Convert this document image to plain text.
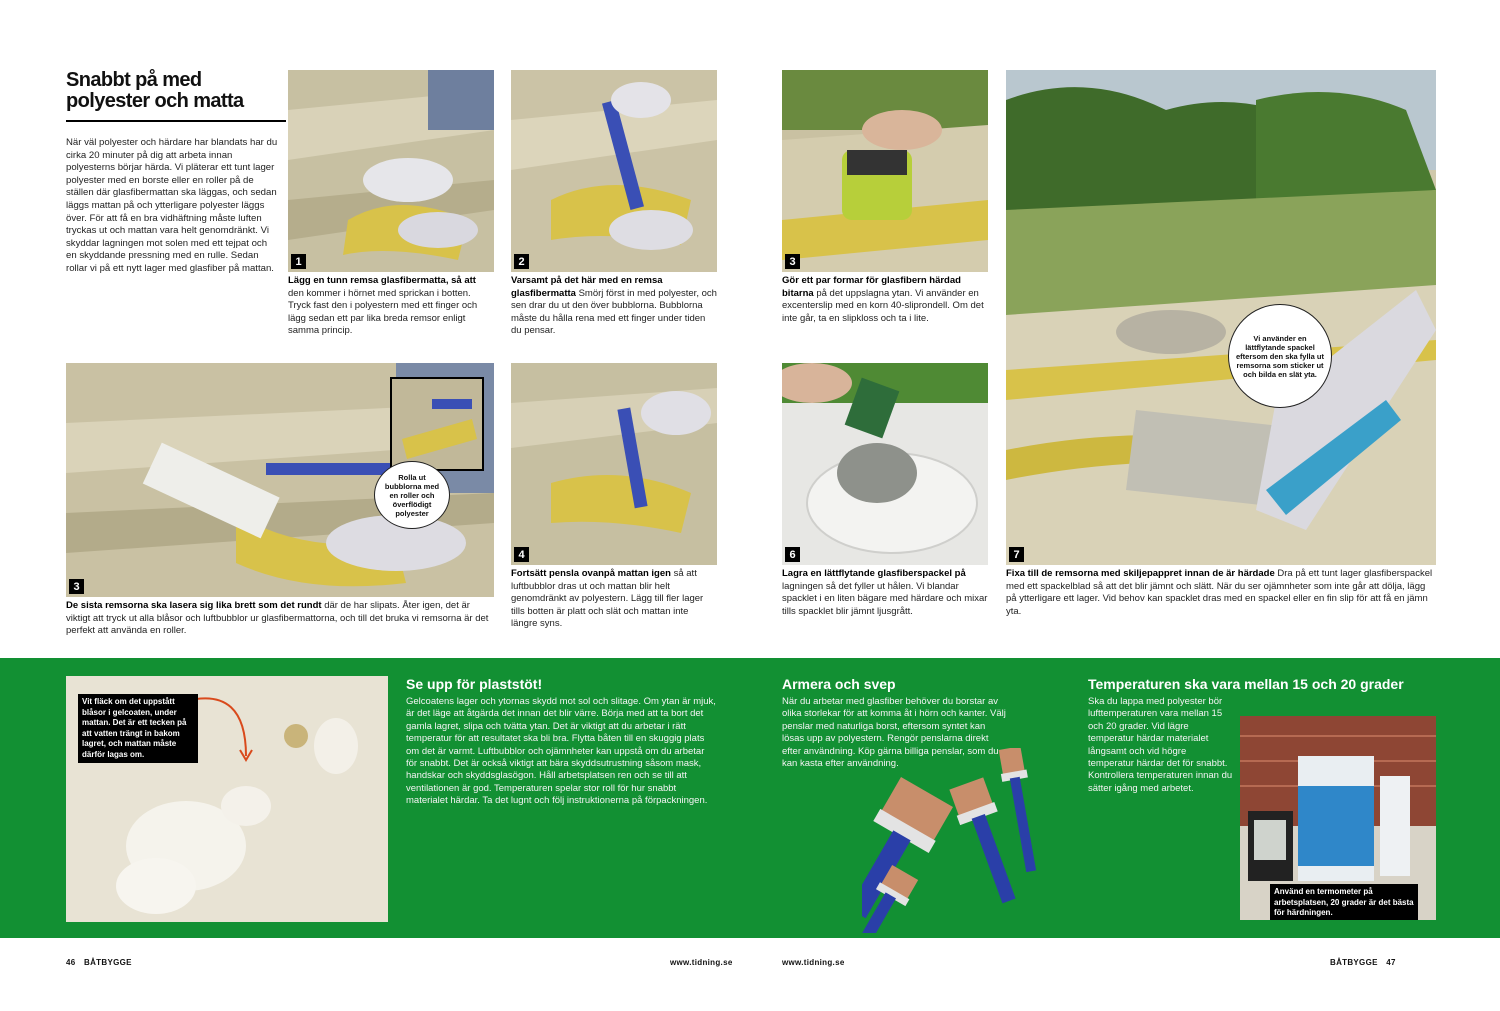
Snabbt på med
polyester och matta
När väl polyester och härdare har blandats har du cirka 20 minuter på dig att arbeta innan polyesterns börjar härda. Vi pläterar ett tunt lager polyester med en borste eller en roller på de ställen där glasfibermattan ska läggas, och sedan läggs mattan på och ytterligare polyester läggs över. För att få en bra vidhäftning måste luften tryckas ut och mattan vara helt genomdränkt. Vi skyddar lagningen mot solen med ett tejpat och en skyddande pressning med en rulle. Sedan rollar vi på ett nytt lager med glasfiber på mattan.
1
Lägg en tunn remsa glasfibermatta, så att den kommer i hörnet med sprickan i botten. Tryck fast den i polyestern med ett finger och lägg sedan ett par lika breda remsor enligt samma princip.
2
Varsamt på det här med en remsa glasfibermatta Smörj först in med polyester, och sen drar du ut den över bubblorna. Bubblorna måste du hålla rena med ett finger under tiden du pensar.
Rolla ut bubblorna med en roller och överflödigt polyester
3
De sista remsorna ska lasera sig lika brett som det rundt där de har slipats. Åter igen, det är viktigt att tryck ut alla blåsor och luftbubblor ur glasfibermattorna, och till det bruka vi remsorna är det perfekt att använda en roller.
4
Fortsätt pensla ovanpå mattan igen så att luftbubblor dras ut och mattan blir helt genomdränkt av polyestern. Lägg till fler lager tills botten är platt och slät och mattan inte längre syns.
3
Gör ett par formar för glasfibern härdad bitarna på det uppslagna ytan. Vi använder en excenterslip med en korn 40-sliprondell. Om det inte går, ta en slipkloss och ta i lite.
6
Lagra en lättflytande glasfiberspackel på lagningen så det fyller ut hålen. Vi blandar spacklet i en liten bägare med härdare och mixar tills spacklet blir jämnt ljusgrått.
Vi använder en lättflytande spackel eftersom den ska fylla ut remsorna som sticker ut och bilda en slät yta.
7
Fixa till de remsorna med skiljepappret innan de är härdade Dra på ett tunt lager glasfiberspackel med ett spackelblad så att det blir jämnt och slätt. När du ser ojämnheter som inte går att dölja, lägg på ytterligare ett lager. Vid behov kan spacklet dras med en spackel eller en fin slip för att få en jämn yta.
Vit fläck om det uppstått blåsor i gelcoaten, under mattan. Det är ett tecken på att vatten trängt in bakom lagret, och mattan måste därför lagas om.
Se upp för plaststöt!
Gelcoatens lager och ytornas skydd mot sol och slitage. Om ytan är mjuk, är det läge att åtgärda det innan det blir värre. Börja med att ta bort det gamla lagret, slipa och tvätta ytan. Det är viktigt att du arbetar i rätt temperatur för att resultatet ska bli bra. Flytta båten till en skuggig plats om det är varmt. Luftbubblor och ojämnheter kan uppstå om du arbetar för snabbt. Det är också viktigt att bära skyddsutrustning såsom mask, handskar och skyddsglasögon. Håll arbetsplatsen ren och se till att ventilationen är god. Temperaturen spelar stor roll för hur snabbt materialet härdar. Ta det lugnt och följ instruktionerna på förpackningen.
Armera och svep
När du arbetar med glasfiber behöver du borstar av olika storlekar för att komma åt i hörn och kanter. Välj penslar med naturliga borst, eftersom syntet kan lösas upp av polyestern. Rengör penslarna direkt efter användning. Köp gärna billiga penslar, som du kan kasta efter användning.
Temperaturen ska vara mellan 15 och 20 grader
Ska du lappa med polyester bör lufttemperaturen vara mellan 15 och 20 grader. Vid lägre temperatur härdar materialet långsamt och vid högre temperatur härdar det för snabbt. Kontrollera temperaturen innan du sätter igång med arbetet.
Använd en termometer på arbetsplatsen, 20 grader är det bästa för härdningen.
46 BÅTBYGGE	www.tidning.se	www.tidning.se	BÅTBYGGE 47
